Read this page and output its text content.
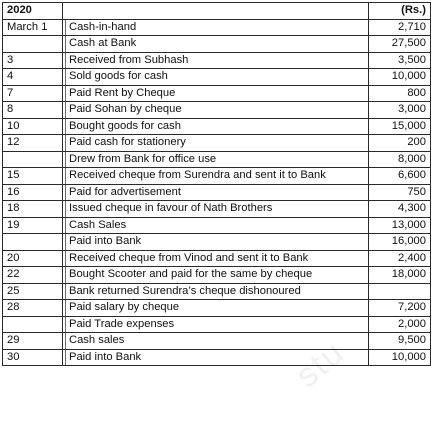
2020		(Rs.)
March 1	Cash-in-hand	2,710

	Cash at Bank	27,500
3	Received from Subhash	3,500
4	Sold goods for cash	10,000
7	Paid Rent by Cheque	800
8	Paid Sohan by cheque	3,000
10	Bought goods for cash	15,000
12	Paid cash for stationery	200

	Drew from Bank for office use	8,000
15	Received cheque from Surendra and sent it to Bank	6,600
16	Paid for advertisement	750
18	Issued cheque in favour of Nath Brothers	4,300
19	Cash Sales	13,000

	Paid into Bank	16,000
20	Received cheque from Vinod and sent it to Bank	2,400
22	Bought Scooter and paid for the same by cheque	18,000
25	Bank returned Surendra’s cheque dishonoured	

28	Paid salary by cheque	7,200

	Paid Trade expenses	2,000
29	Cash sales	9,500
30	Paid into Bank	10,000
stu
